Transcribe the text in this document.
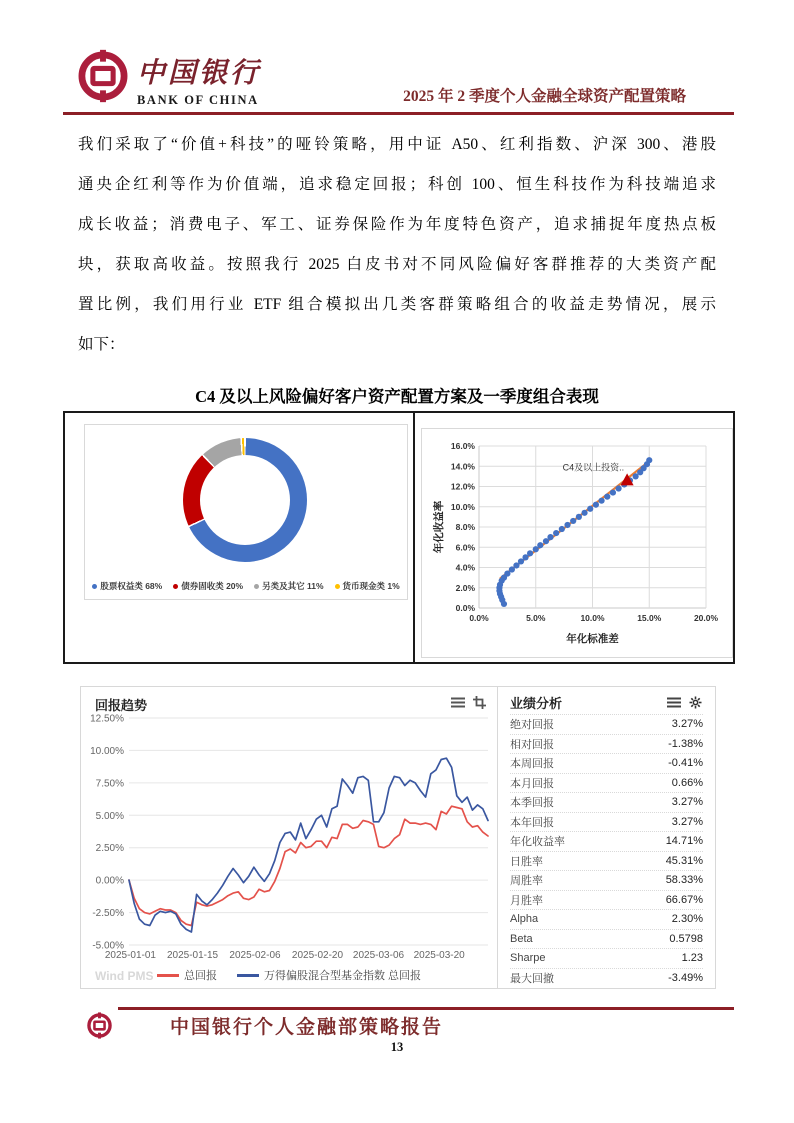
中国银行
BANK OF CHINA	2025 年 2 季度个人金融全球资产配置策略
我们采取了“价值+科技”的哑铃策略，用中证 A50、红利指数、沪深 300、港股
通央企红利等作为价值端，追求稳定回报；科创 100、恒生科技作为科技端追求
成长收益；消费电子、军工、证券保险作为年度特色资产，追求捕捉年度热点板
块，获取高收益。按照我行 2025 白皮书对不同风险偏好客群推荐的大类资产配
置比例，我们用行业 ETF 组合模拟出几类客群策略组合的收益走势情况，展示
如下：
C4 及以上风险偏好客户资产配置方案及一季度组合表现
股票权益类 68% 债券固收类 20% 另类及其它 11% 货币现金类 1%
0.0%
2.0%
4.0%
6.0%
8.0%
10.0%
12.0%
14.0%
16.0%
0.0%	5.0%	10.0%	15.0%	20.0%
C4及以上投资..
年化标准差
年化收益率
12.50%
10.00%
7.50%
5.00%
2.50%
0.00%
-2.50%
-5.00%
2025-01-01 2025-01-15 2025-02-06 2025-02-20 2025-03-06 2025-03-20
回报趋势
总回报	万得偏股混合型基金指数 总回报
Wind PMS
业绩分析
绝对回报	3.27%
相对回报	-1.38%
本周回报	-0.41%
本月回报	0.66%
本季回报	3.27%
本年回报	3.27%
年化收益率	14.71%
日胜率	45.31%
周胜率	58.33%
月胜率	66.67%
Alpha	2.30%
Beta	0.5798
Sharpe	1.23
最大回撤	-3.49%
中国银行个人金融部策略报告
13
